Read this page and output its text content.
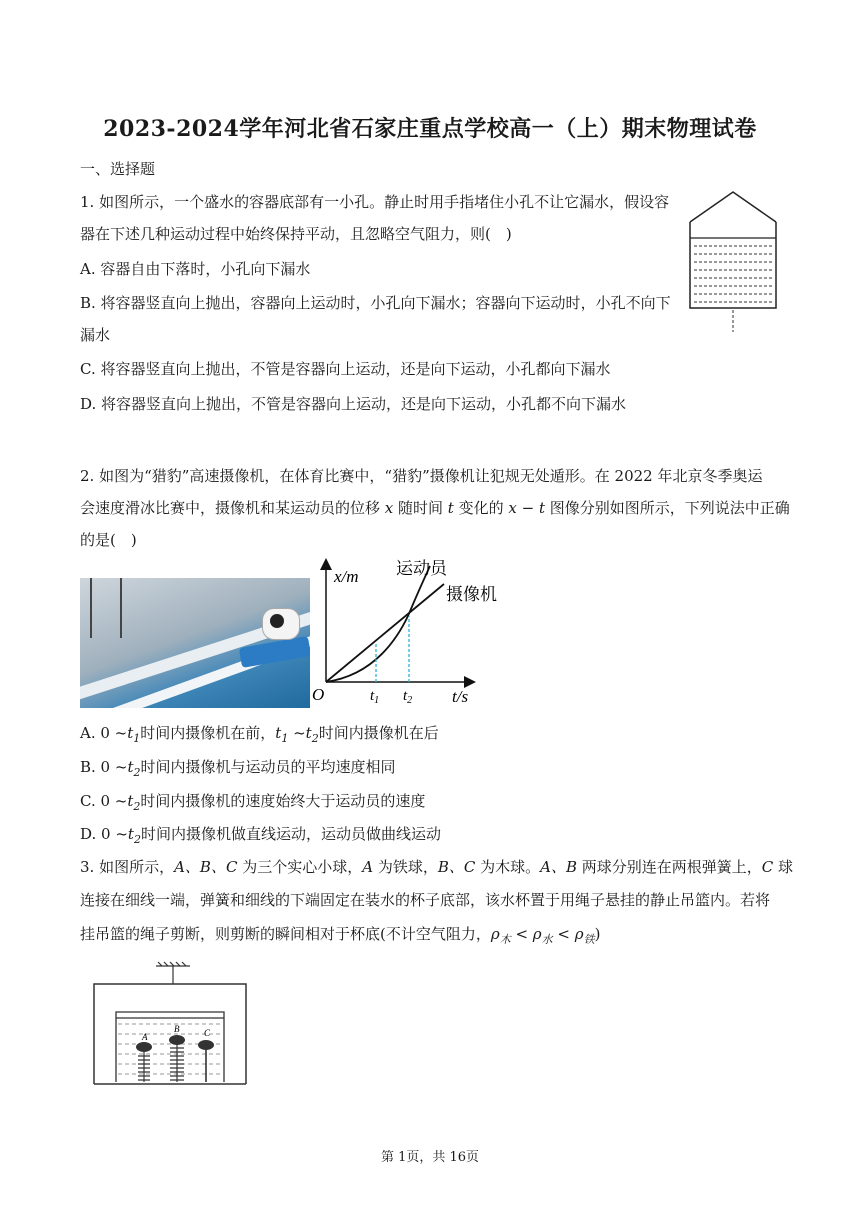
2023-2024学年河北省石家庄重点学校高一（上）期末物理试卷
一、选择题
1. 如图所示，一个盛水的容器底部有一小孔。静止时用手指堵住小孔不让它漏水，假设容
器在下述几种运动过程中始终保持平动，且忽略空气阻力，则(　)
A. 容器自由下落时，小孔向下漏水
B. 将容器竖直向上抛出，容器向上运动时，小孔向下漏水；容器向下运动时，小孔不向下
漏水
C. 将容器竖直向上抛出，不管是容器向上运动，还是向下运动，小孔都向下漏水
D. 将容器竖直向上抛出，不管是容器向上运动，还是向下运动，小孔都不向下漏水
2. 如图为“猎豹”高速摄像机，在体育比赛中，“猎豹”摄像机让犯规无处遁形。在 2022 年北京冬季奥运
会速度滑冰比赛中，摄像机和某运动员的位移 x 随时间 t 变化的 x − t 图像分别如图所示，下列说法中正确
的是(　)
x/m
t/s
O	$t_1$ $t_2$
运动员
摄像机
A. 0 $\sim t_1$时间内摄像机在前，$t_1$ $\sim t_2$时间内摄像机在后
B. 0 $\sim t_2$时间内摄像机与运动员的平均速度相同
C. 0 $\sim t_2$时间内摄像机的速度始终大于运动员的速度
D. 0 $\sim t_2$时间内摄像机做直线运动，运动员做曲线运动
3. 如图所示，A、B、C 为三个实心小球，A 为铁球，B、C 为木球。A、B 两球分别连在两根弹簧上，C 球
连接在细线一端，弹簧和细线的下端固定在装水的杯子底部，该水杯置于用绳子悬挂的静止吊篮内。若将
挂吊篮的绳子剪断，则剪断的瞬间相对于杯底(不计空气阻力，$\rho_木 < \rho_水 < \rho_铁$)
A
B	C
第 1页，共 16页
